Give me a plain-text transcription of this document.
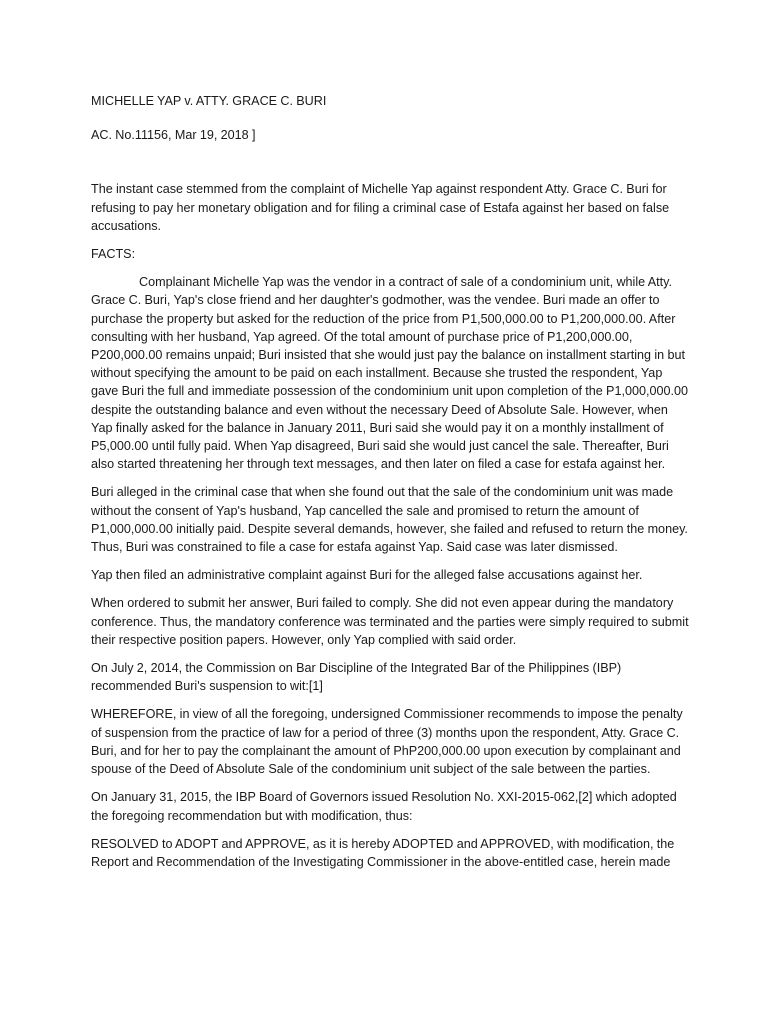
MICHELLE YAP v. ATTY. GRACE C. BURI

AC. No.11156, Mar 19, 2018 ]

The instant case stemmed from the complaint of Michelle Yap against respondent Atty. Grace C. Buri for refusing to pay her monetary obligation and for filing a criminal case of Estafa against her based on false accusations.

FACTS:

Complainant Michelle Yap was the vendor in a contract of sale of a condominium unit, while Atty. Grace C. Buri, Yap's close friend and her daughter's godmother, was the vendee. Buri made an offer to purchase the property but asked for the reduction of the price from P1,500,000.00 to P1,200,000.00. After consulting with her husband, Yap agreed. Of the total amount of purchase price of P1,200,000.00, P200,000.00 remains unpaid; Buri insisted that she would just pay the balance on installment starting in but without specifying the amount to be paid on each installment. Because she trusted the respondent, Yap gave Buri the full and immediate possession of the condominium unit upon completion of the P1,000,000.00 despite the outstanding balance and even without the necessary Deed of Absolute Sale. However, when Yap finally asked for the balance in January 2011, Buri said she would pay it on a monthly installment of P5,000.00 until fully paid. When Yap disagreed, Buri said she would just cancel the sale. Thereafter, Buri also started threatening her through text messages, and then later on filed a case for estafa against her.

Buri alleged in the criminal case that when she found out that the sale of the condominium unit was made without the consent of Yap's husband, Yap cancelled the sale and promised to return the amount of P1,000,000.00 initially paid. Despite several demands, however, she failed and refused to return the money. Thus, Buri was constrained to file a case for estafa against Yap. Said case was later dismissed.

Yap then filed an administrative complaint against Buri for the alleged false accusations against her.

When ordered to submit her answer, Buri failed to comply. She did not even appear during the mandatory conference. Thus, the mandatory conference was terminated and the parties were simply required to submit their respective position papers. However, only Yap complied with said order.

On July 2, 2014, the Commission on Bar Discipline of the Integrated Bar of the Philippines (IBP) recommended Buri's suspension to wit:[1]

WHEREFORE, in view of all the foregoing, undersigned Commissioner recommends to impose the penalty of suspension from the practice of law for a period of three (3) months upon the respondent, Atty. Grace C. Buri, and for her to pay the complainant the amount of PhP200,000.00 upon execution by complainant and spouse of the Deed of Absolute Sale of the condominium unit subject of the sale between the parties.

On January 31, 2015, the IBP Board of Governors issued Resolution No. XXI-2015-062,[2] which adopted the foregoing recommendation but with modification, thus:

RESOLVED to ADOPT and APPROVE, as it is hereby ADOPTED and APPROVED, with modification, the Report and Recommendation of the Investigating Commissioner in the above-entitled case, herein made
